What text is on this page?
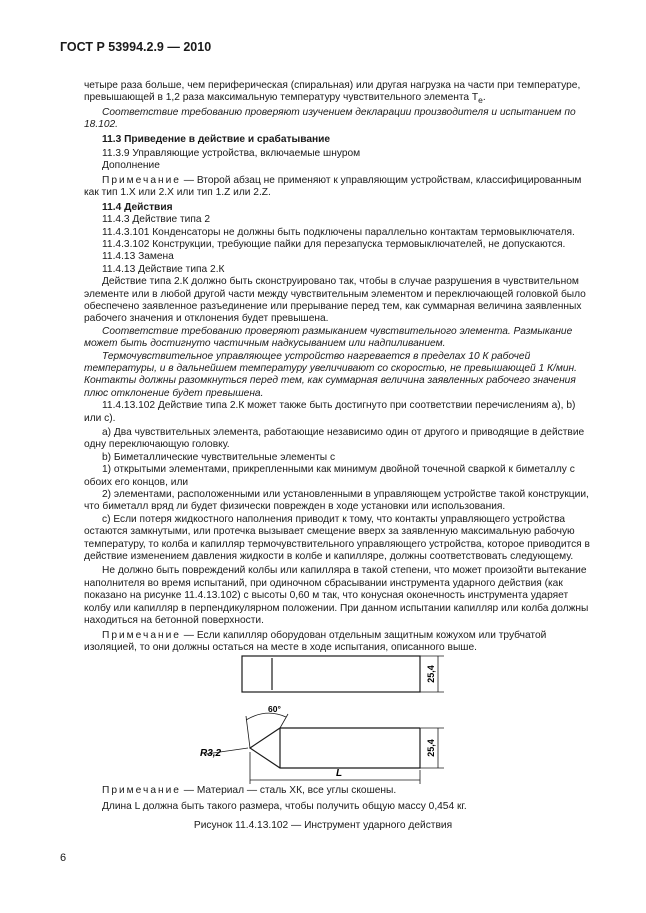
ГОСТ Р 53994.2.9 — 2010

четыре раза больше, чем периферическая (спиральная) или другая нагрузка на части при температуре, превышающей в 1,2 раза максимальную температуру чувствительного элемента $T_e$.

Соответствие требованию проверяют изучением декларации производителя и испытанием по 18.102.

11.3 Приведение в действие и срабатывание

11.3.9 Управляющие устройства, включаемые шнуром

Дополнение

Примечание — Второй абзац не применяют к управляющим устройствам, классифицированным как тип 1.X или 2.X или тип 1.Z или 2.Z.

11.4 Действия

11.4.3 Действие типа 2

11.4.3.101 Конденсаторы не должны быть подключены параллельно контактам термовыключателя.

11.4.3.102 Конструкции, требующие пайки для перезапуска термовыключателей, не допускаются.

11.4.13 Замена

11.4.13 Действие типа 2.К

Действие типа 2.К должно быть сконструировано так, чтобы в случае разрушения в чувствительном элементе или в любой другой части между чувствительным элементом и переключающей головкой было обеспечено заявленное разъединение или прерывание перед тем, как суммарная величина заявленных рабочего значения и отклонения будет превышена.

Соответствие требованию проверяют размыканием чувствительного элемента. Размыкание может быть достигнуто частичным надкусыванием или надпиливанием.

Термочувствительное управляющее устройство нагревается в пределах 10 К рабочей температуры, и в дальнейшем температуру увеличивают со скоростью, не превышающей 1 К/мин. Контакты должны разомкнуться перед тем, как суммарная величина заявленных рабочего значения плюс отклонение будет превышена.

11.4.13.102 Действие типа 2.К может также быть достигнуто при соответствии перечислениям а), b) или с).

а) Два чувствительных элемента, работающие независимо один от другого и приводящие в действие одну переключающую головку.

b) Биметаллические чувствительные элементы с

1) открытыми элементами, прикрепленными как минимум двойной точечной сваркой к биметаллу с обоих его концов, или

2) элементами, расположенными или установленными в управляющем устройстве такой конструкции, что биметалл вряд ли будет физически поврежден в ходе установки или использования.

с) Если потеря жидкостного наполнения приводит к тому, что контакты управляющего устройства остаются замкнутыми, или протечка вызывает смещение вверх за заявленную максимальную рабочую температуру, то колба и капилляр термочувствительного управляющего устройства, которое приводится в действие изменением давления жидкости в колбе и капилляре, должны соответствовать следующему.

Не должно быть повреждений колбы или капилляра в такой степени, что может произойти вытекание наполнителя во время испытаний, при одиночном сбрасывании инструмента ударного действия (как показано на рисунке 11.4.13.102) с высоты 0,60 м так, что конусная оконечность инструмента ударяет колбу или капилляр в перпендикулярном положении. При данном испытании капилляр или колба должны находиться на бетонной поверхности.

Примечание — Если капилляр оборудован отдельным защитным кожухом или трубчатой изоляцией, то они должны остаться на месте в ходе испытания, описанного выше.

25,4
25,4
60°
R3,2
L

Примечание — Материал — сталь ХК, все углы скошены.

Длина L должна быть такого размера, чтобы получить общую массу 0,454 кг.

Рисунок 11.4.13.102 — Инструмент ударного действия
6
